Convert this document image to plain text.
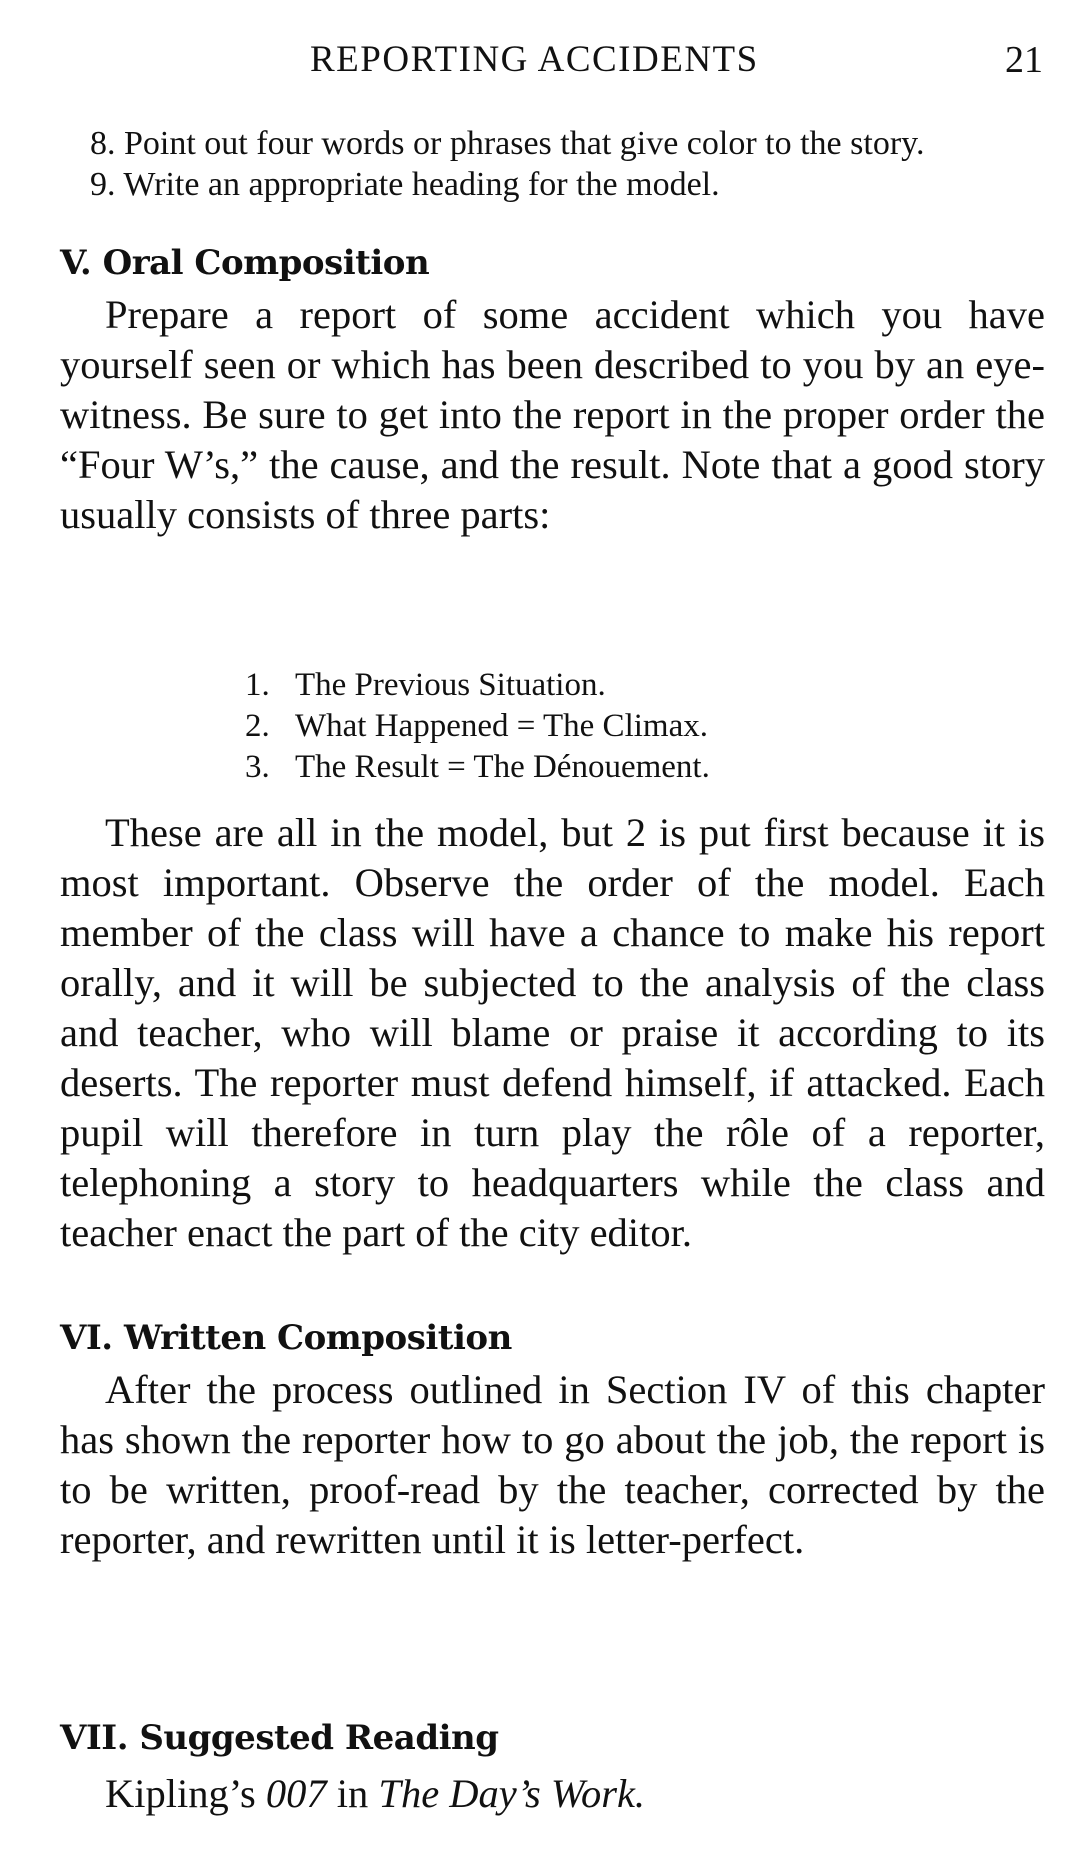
REPORTING ACCIDENTS	21

8. Point out four words or phrases that give color to the story.

9. Write an appropriate heading for the model.

V. Oral Composition

Prepare a report of some accident which you have yourself seen or which has been described to you by an eye-witness. Be sure to get into the report in the proper order the “Four W’s,” the cause, and the result. Note that a good story usually consists of three parts:

1. The Previous Situation.
2. What Happened = The Climax.
3. The Result = The Dénouement.

These are all in the model, but 2 is put first because it is most important. Observe the order of the model. Each member of the class will have a chance to make his report orally, and it will be subjected to the analysis of the class and teacher, who will blame or praise it according to its deserts. The reporter must defend himself, if attacked. Each pupil will therefore in turn play the rôle of a reporter, telephoning a story to headquarters while the class and teacher enact the part of the city editor.

VI. Written Composition

After the process outlined in Section IV of this chapter has shown the reporter how to go about the job, the report is to be written, proof-read by the teacher, corrected by the reporter, and rewritten until it is letter-perfect.

VII. Suggested Reading
Kipling’s 007 in The Day’s Work.
